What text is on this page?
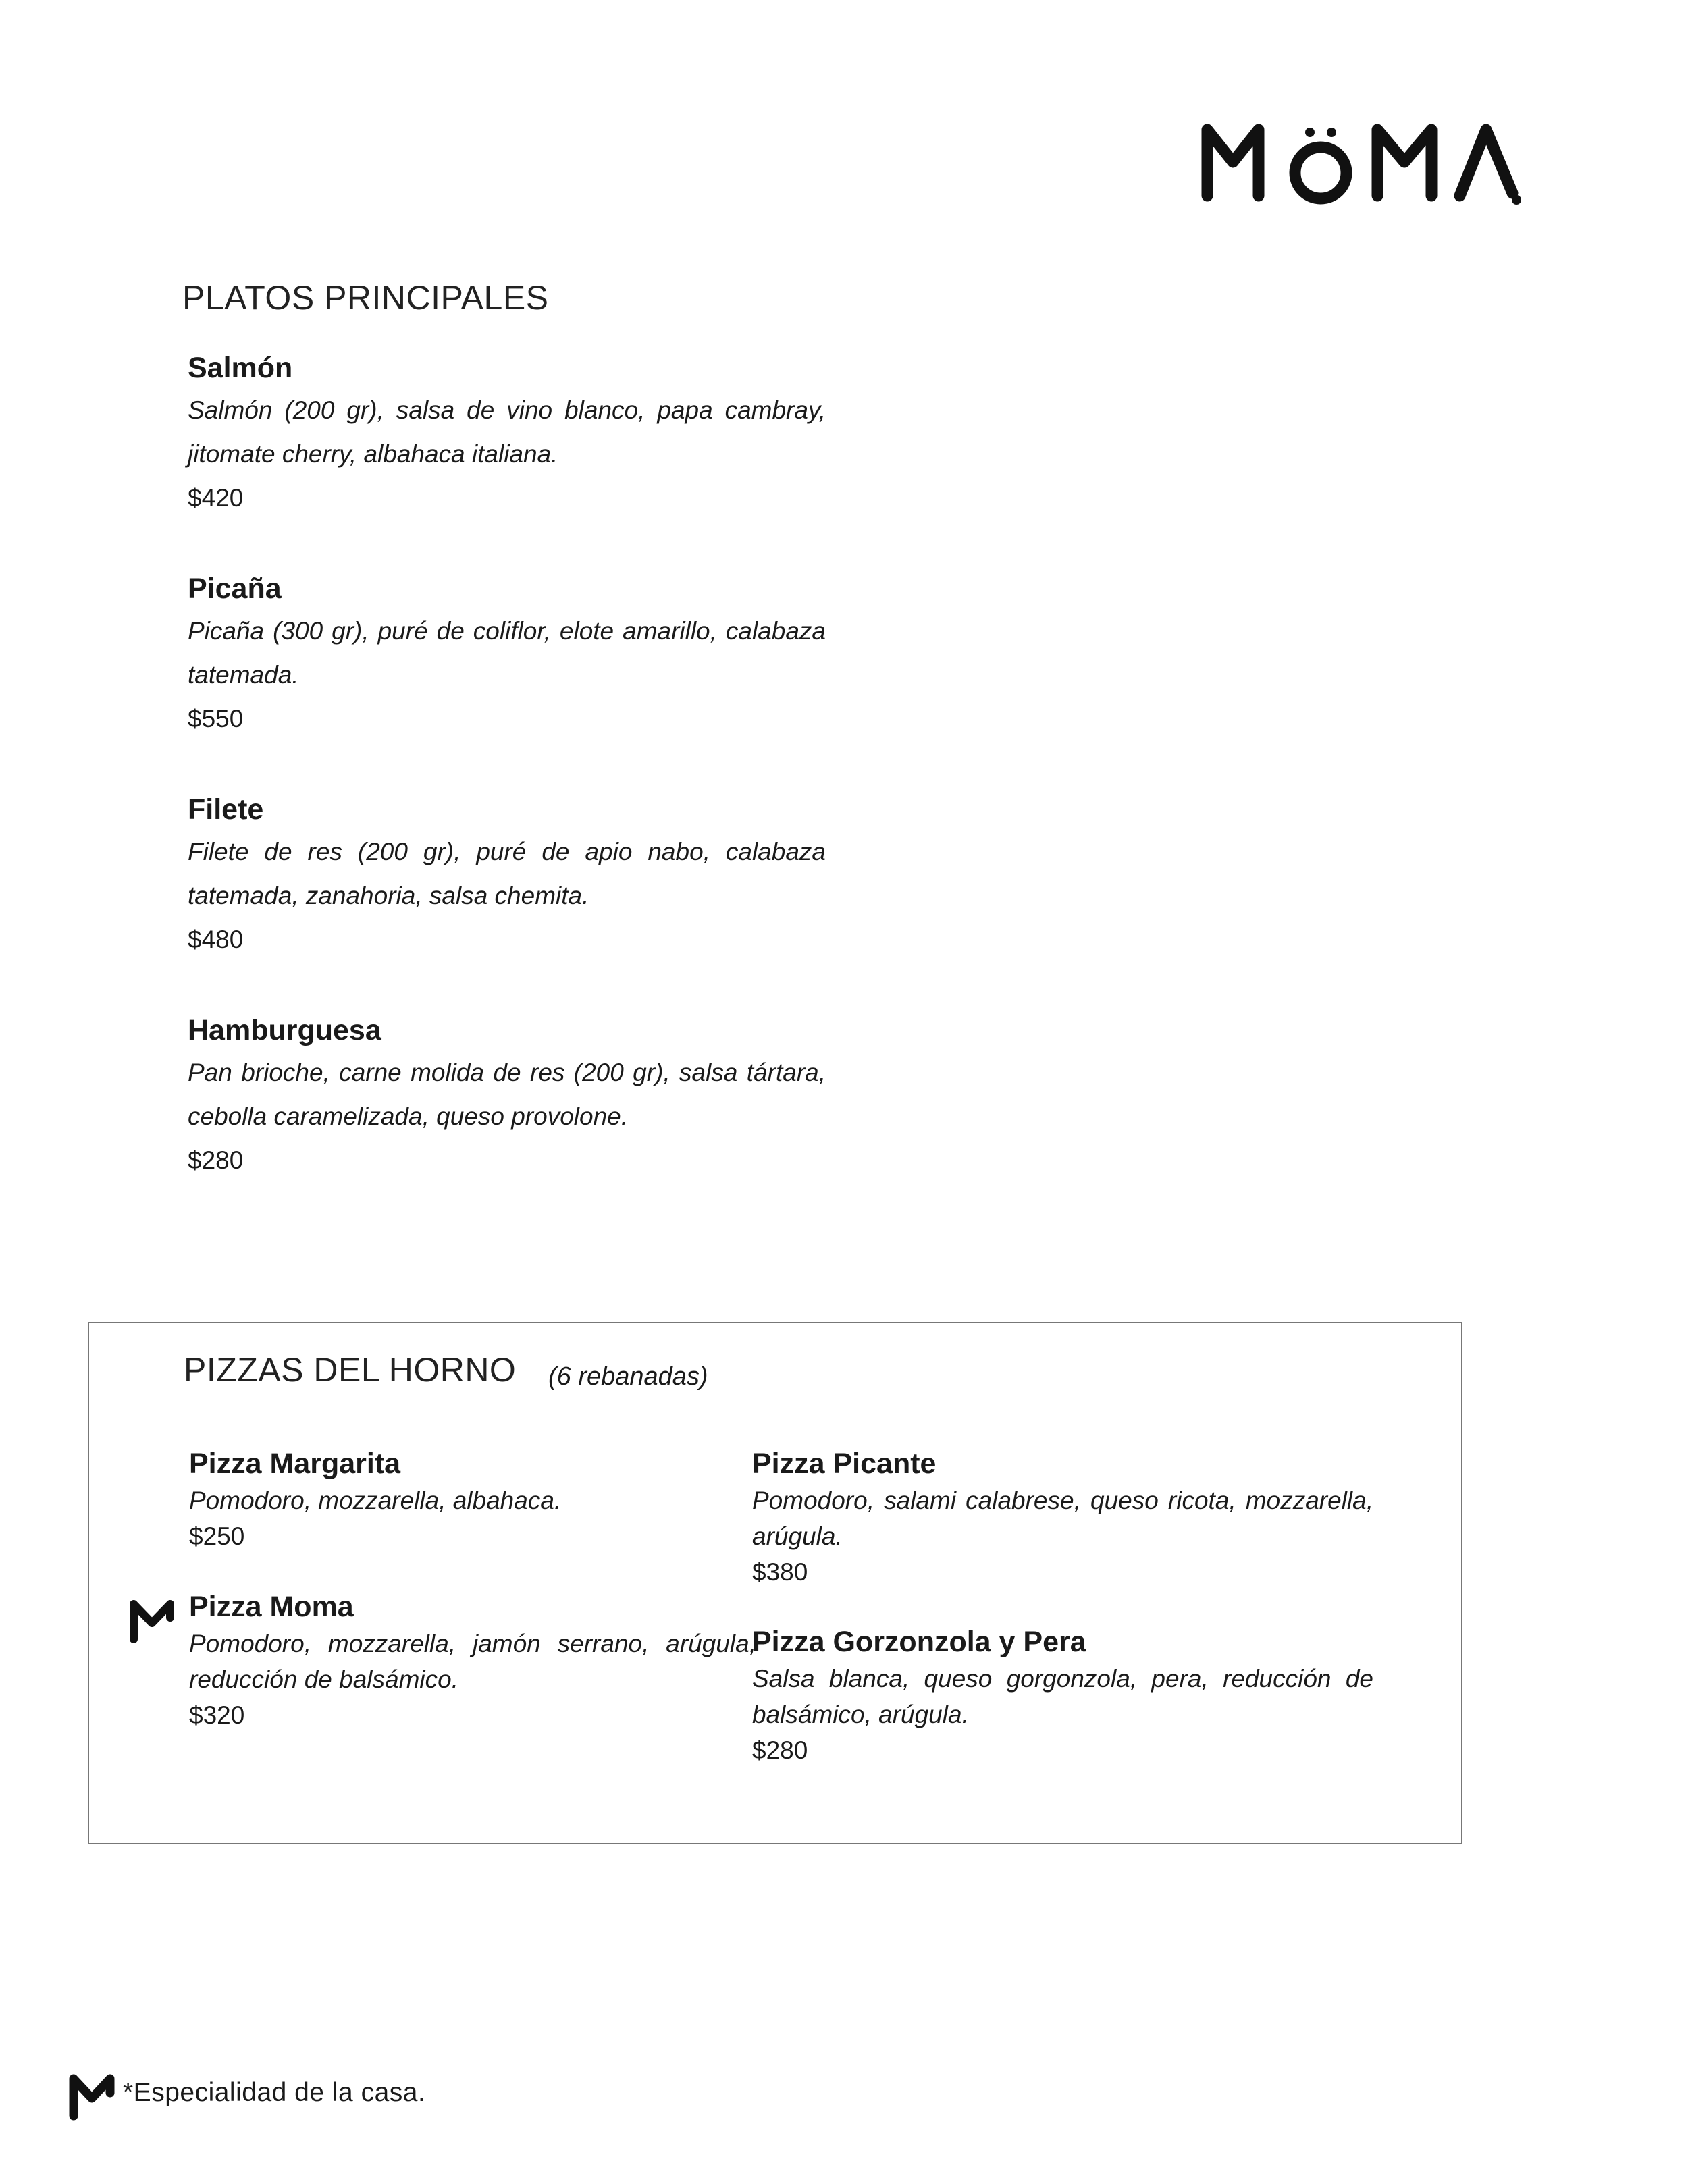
PLATOS PRINCIPALES
Salmón
Salmón (200 gr), salsa de vino blanco, papa cambray, jitomate cherry, albahaca italiana.
$420
Picaña
Picaña (300 gr), puré de coliflor, elote amarillo, calabaza tatemada.
$550
Filete
Filete de res (200 gr), puré de apio nabo, calabaza tatemada, zanahoria, salsa chemita.
$480
Hamburguesa
Pan brioche, carne molida de res (200 gr), salsa tártara, cebolla caramelizada, queso provolone.
$280
PIZZAS DEL HORNO (6 rebanadas)
Pizza Margarita
Pomodoro, mozzarella, albahaca.
$250
Pizza Moma
Pomodoro, mozzarella, jamón serrano, arúgula, reducción de balsámico.
$320
Pizza Picante
Pomodoro, salami calabrese, queso ricota, mozzarella, arúgula.
$380
Pizza Gorzonzola y Pera
Salsa blanca, queso gorgonzola, pera, reducción de balsámico, arúgula.
$280
*Especialidad de la casa.
